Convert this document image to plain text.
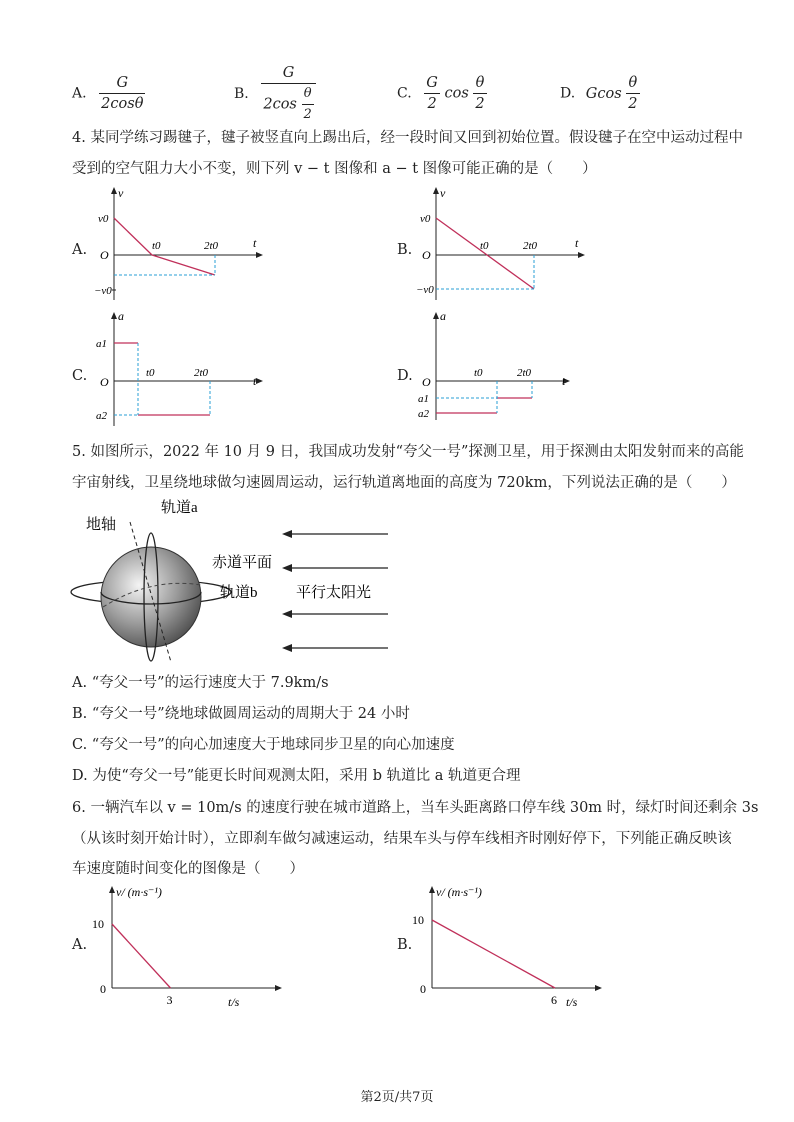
A. $\frac{G}{2\cos\theta}$	B. $\frac{G}{2\cos \frac{\theta}{2}}$	C. $\frac{G}{2}$ $\cos \frac{\theta}{2}$	D. Gcos $\frac{\theta}{2}$
4. 某同学练习踢毽子，毽子被竖直向上踢出后，经一段时间又回到初始位置。假设毽子在空中运动过程中
受到的空气阻力大小不变，则下列 v − t 图像和 a − t 图像可能正确的是（　　）
A.	B.
C.	D.
v
v0
O
t0	2t0	t
−v0
v
v0
O
t0	2t0	t
−v0
a
a1
O
t0	2t0
t
a2
a
O
t0	2t0
t
a1
a2
5. 如图所示，2022 年 10 月 9 日，我国成功发射“夸父一号”探测卫星，用于探测由太阳发射而来的高能
宇宙射线，卫星绕地球做匀速圆周运动，运行轨道离地面的高度为 720km，下列说法正确的是（　　）
地轴
轨道a
赤道平面
轨道b	平行太阳光
A. “夸父一号”的运行速度大于 7.9km/s
B. “夸父一号”绕地球做圆周运动的周期大于 24 小时
C. “夸父一号”的向心加速度大于地球同步卫星的向心加速度
D. 为使“夸父一号”能更长时间观测太阳，采用 b 轨道比 a 轨道更合理
6. 一辆汽车以 v = 10m/s 的速度行驶在城市道路上，当车头距离路口停车线 30m 时，绿灯时间还剩余 3s
（从该时刻开始计时），立即刹车做匀减速运动，结果车头与停车线相齐时刚好停下，下列能正确反映该
车速度随时间变化的图像是（　　）
A.	B.
v/ (m·s⁻¹)
10
0
3	t/s
v/ (m·s⁻¹)
10
0
6 t/s
第2页/共7页
